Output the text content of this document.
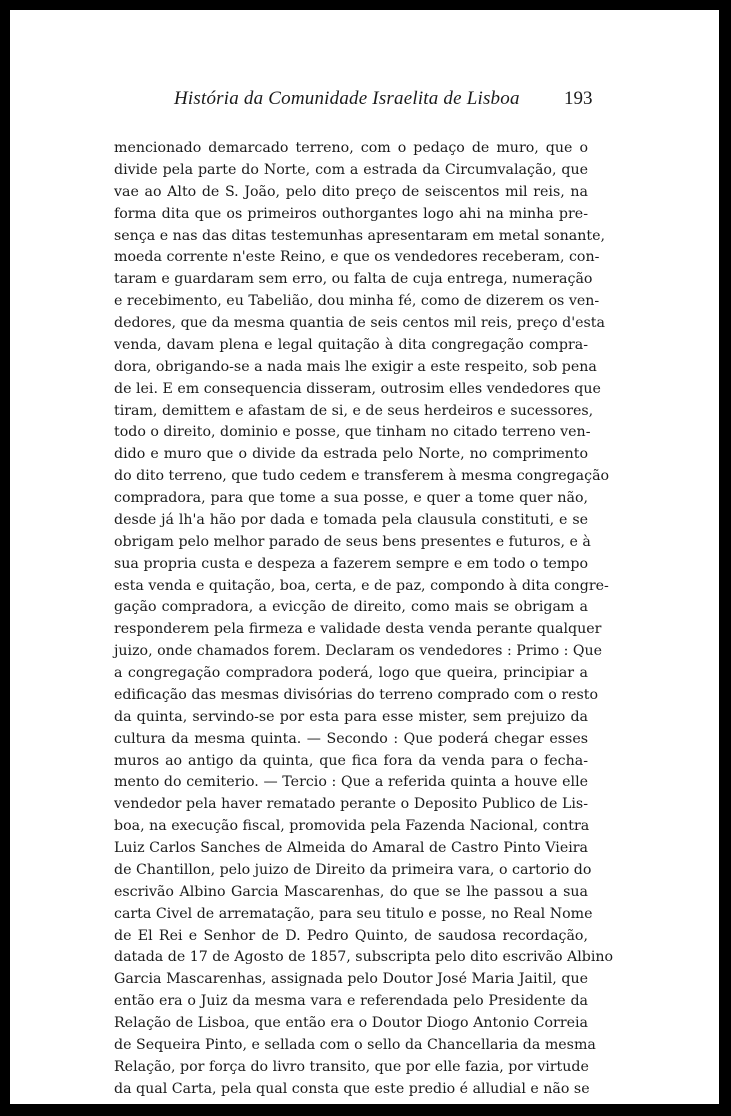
História da Comunidade Israelita de Lisboa 193
mencionado demarcado terreno, com o pedaço de muro, que o
divide pela parte do Norte, com a estrada da Circumvalação, que
vae ao Alto de S. João, pelo dito preço de seiscentos mil reis, na
forma dita que os primeiros outhorgantes logo ahi na minha pre-
sença e nas das ditas testemunhas apresentaram em metal sonante,
moeda corrente n'este Reino, e que os vendedores receberam, con-
taram e guardaram sem erro, ou falta de cuja entrega, numeração
e recebimento, eu Tabelião, dou minha fé, como de dizerem os ven-
dedores, que da mesma quantia de seis centos mil reis, preço d'esta
venda, davam plena e legal quitação à dita congregação compra-
dora, obrigando-se a nada mais lhe exigir a este respeito, sob pena
de lei. E em consequencia disseram, outrosim elles vendedores que
tiram, demittem e afastam de si, e de seus herdeiros e sucessores,
todo o direito, dominio e posse, que tinham no citado terreno ven-
dido e muro que o divide da estrada pelo Norte, no comprimento
do dito terreno, que tudo cedem e transferem à mesma congregação
compradora, para que tome a sua posse, e quer a tome quer não,
desde já lh'a hão por dada e tomada pela clausula constituti, e se
obrigam pelo melhor parado de seus bens presentes e futuros, e à
sua propria custa e despeza a fazerem sempre e em todo o tempo
esta venda e quitação, boa, certa, e de paz, compondo à dita congre-
gação compradora, a evicção de direito, como mais se obrigam a
responderem pela firmeza e validade desta venda perante qualquer
juizo, onde chamados forem. Declaram os vendedores : Primo : Que
a congregação compradora poderá, logo que queira, principiar a
edificação das mesmas divisórias do terreno comprado com o resto
da quinta, servindo-se por esta para esse mister, sem prejuizo da
cultura da mesma quinta. — Secondo : Que poderá chegar esses
muros ao antigo da quinta, que fica fora da venda para o fecha-
mento do cemiterio. — Tercio : Que a referida quinta a houve elle
vendedor pela haver rematado perante o Deposito Publico de Lis-
boa, na execução fiscal, promovida pela Fazenda Nacional, contra
Luiz Carlos Sanches de Almeida do Amaral de Castro Pinto Vieira
de Chantillon, pelo juizo de Direito da primeira vara, o cartorio do
escrivão Albino Garcia Mascarenhas, do que se lhe passou a sua
carta Civel de arrematação, para seu titulo e posse, no Real Nome
de El Rei e Senhor de D. Pedro Quinto, de saudosa recordação,
datada de 17 de Agosto de 1857, subscripta pelo dito escrivão Albino
Garcia Mascarenhas, assignada pelo Doutor José Maria Jaitil, que
então era o Juiz da mesma vara e referendada pelo Presidente da
Relação de Lisboa, que então era o Doutor Diogo Antonio Correia
de Sequeira Pinto, e sellada com o sello da Chancellaria da mesma
Relação, por força do livro transito, que por elle fazia, por virtude
da qual Carta, pela qual consta que este predio é alludial e não se
